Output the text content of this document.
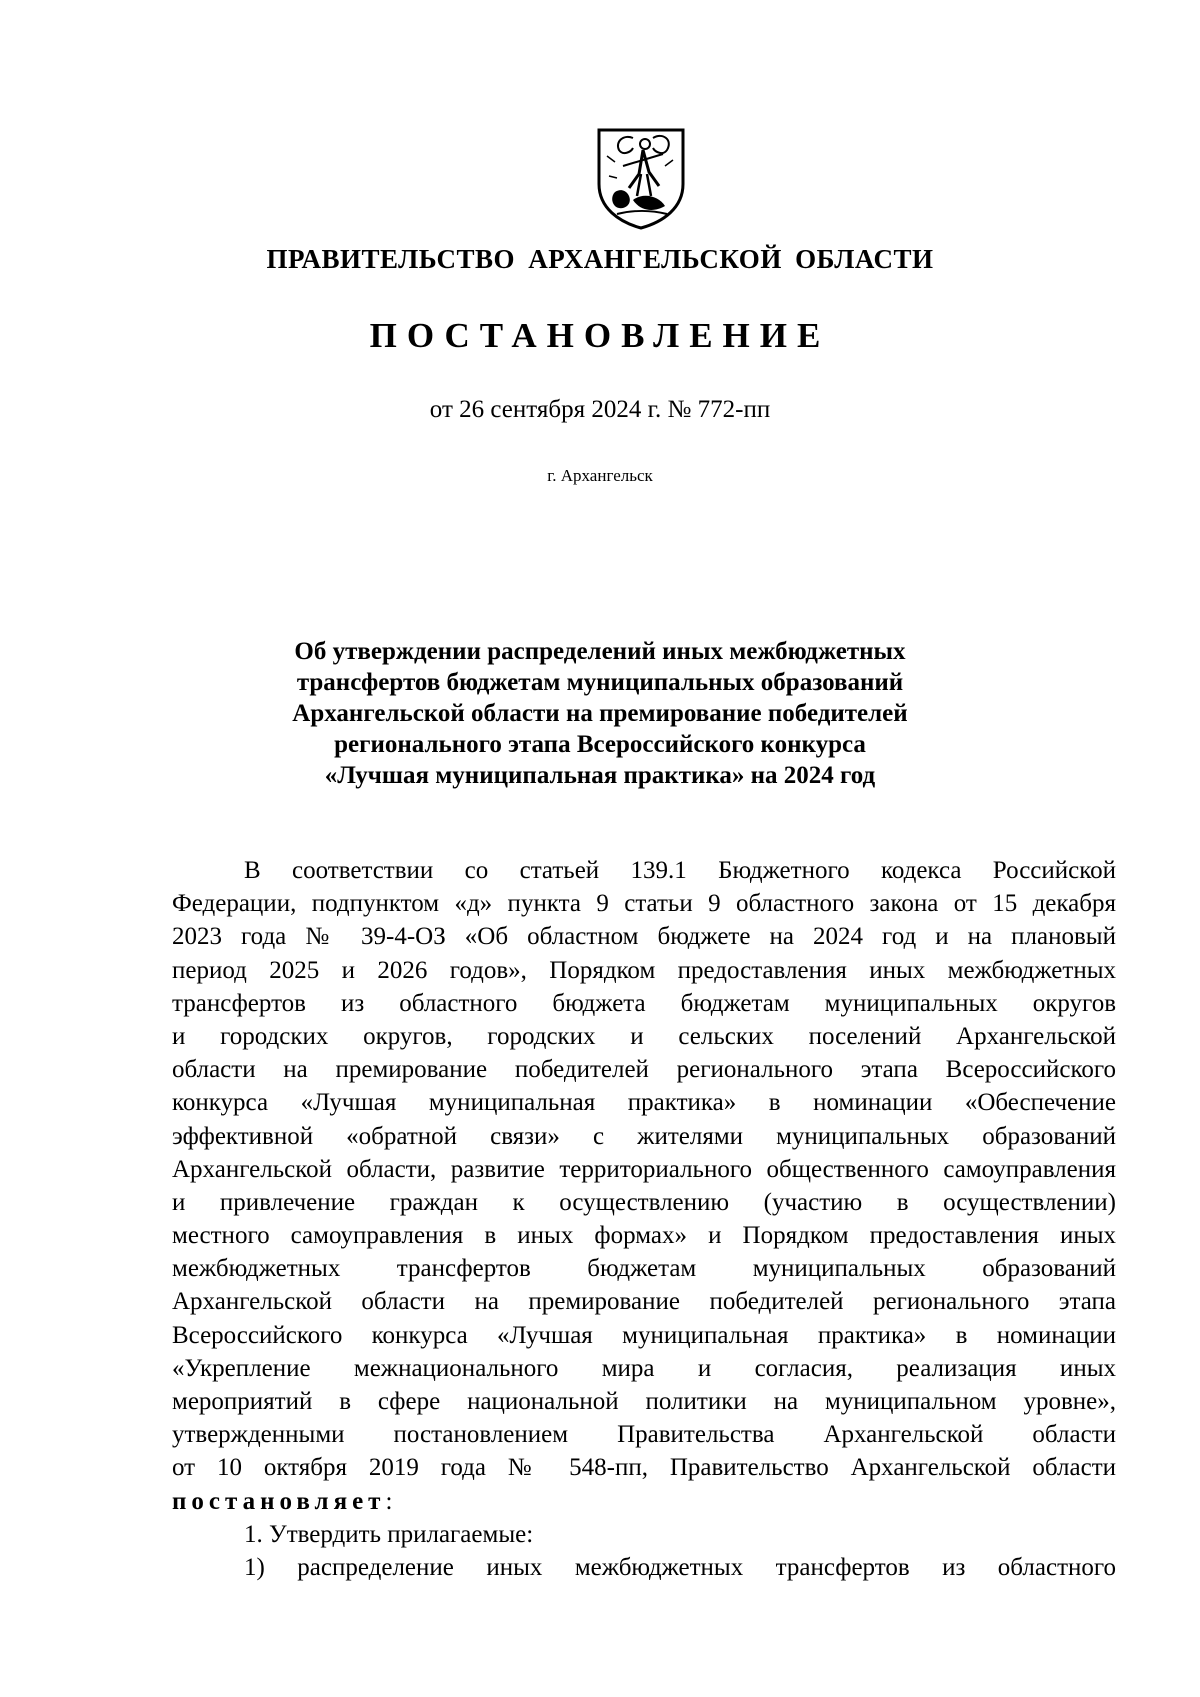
ПРАВИТЕЛЬСТВО АРХАНГЕЛЬСКОЙ ОБЛАСТИ
ПОСТАНОВЛЕНИЕ
от 26 сентября 2024 г. № 772-пп
г. Архангельск
Об утверждении распределений иных межбюджетных
трансфертов бюджетам муниципальных образований
Архангельской области на премирование победителей
регионального этапа Всероссийского конкурса
«Лучшая муниципальная практика» на 2024 год
В соответствии со статьей 139.1 Бюджетного кодекса Российской
Федерации, подпунктом «д» пункта 9 статьи 9 областного закона от 15 декабря
2023 года № 39-4-ОЗ «Об областном бюджете на 2024 год и на плановый
период 2025 и 2026 годов», Порядком предоставления иных межбюджетных
трансфертов из областного бюджета бюджетам муниципальных округов
и городских округов, городских и сельских поселений Архангельской
области на премирование победителей регионального этапа Всероссийского
конкурса «Лучшая муниципальная практика» в номинации «Обеспечение
эффективной «обратной связи» с жителями муниципальных образований
Архангельской области, развитие территориального общественного самоуправления
и привлечение граждан к осуществлению (участию в осуществлении)
местного самоуправления в иных формах» и Порядком предоставления иных
межбюджетных трансфертов бюджетам муниципальных образований
Архангельской области на премирование победителей регионального этапа
Всероссийского конкурса «Лучшая муниципальная практика» в номинации
«Укрепление межнационального мира и согласия, реализация иных
мероприятий в сфере национальной политики на муниципальном уровне»,
утвержденными постановлением Правительства Архангельской области
от 10 октября 2019 года № 548-пп, Правительство Архангельской области
постановляет:
1. Утвердить прилагаемые:
1) распределение иных межбюджетных трансфертов из областного
